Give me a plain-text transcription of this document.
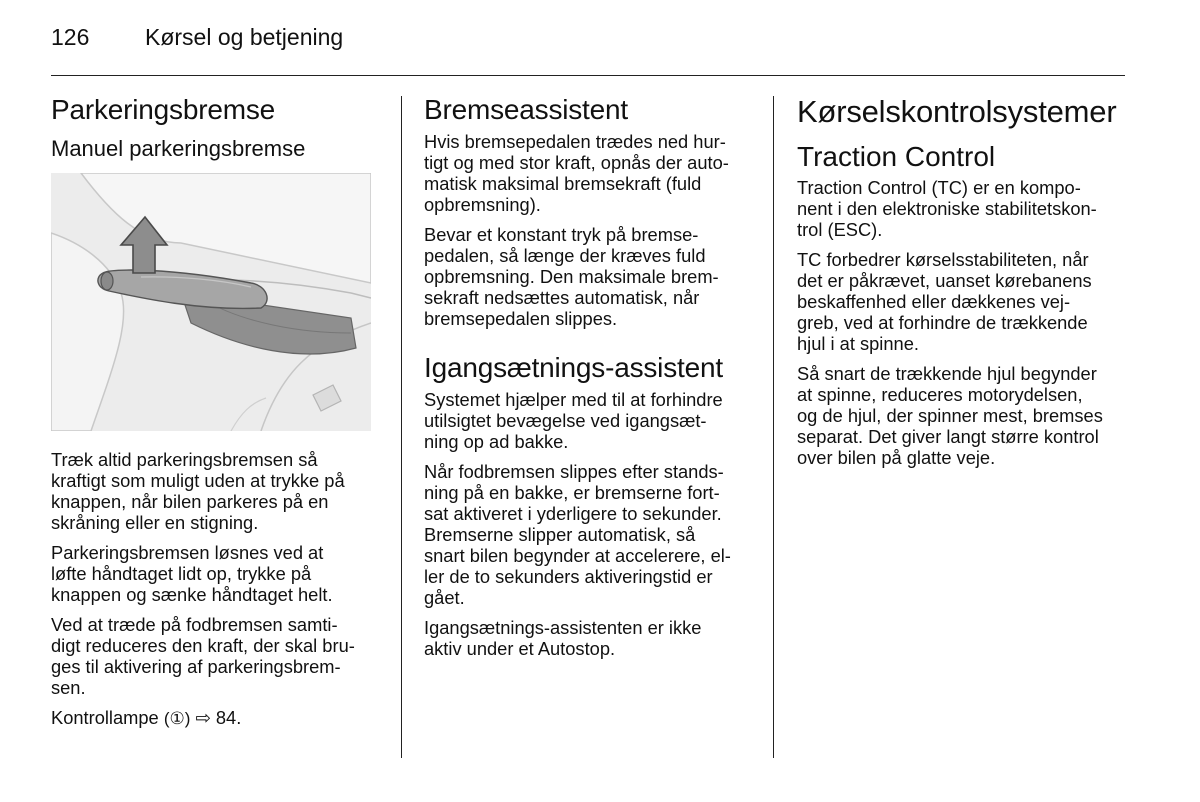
126 Kørsel og betjening
Parkeringsbremse
Manuel parkeringsbremse

Træk altid parkeringsbremsen så
kraftigt som muligt uden at trykke på
knappen, når bilen parkeres på en
skråning eller en stigning.

Parkeringsbremsen løsnes ved at
løfte håndtaget lidt op, trykke på
knappen og sænke håndtaget helt.

Ved at træde på fodbremsen samti-
digt reduceres den kraft, der skal bru-
ges til aktivering af parkeringsbrem-
sen.

Kontrollampe (①) ⇨ 84.
Bremseassistent

Hvis bremsepedalen trædes ned hur-
tigt og med stor kraft, opnås der auto-
matisk maksimal bremsekraft (fuld
opbremsning).

Bevar et konstant tryk på bremse-
pedalen, så længe der kræves fuld
opbremsning. Den maksimale brem-
sekraft nedsættes automatisk, når
bremsepedalen slippes.

Igangsætnings-assistent

Systemet hjælper med til at forhindre
utilsigtet bevægelse ved igangsæt-
ning op ad bakke.

Når fodbremsen slippes efter stands-
ning på en bakke, er bremserne fort-
sat aktiveret i yderligere to sekunder.
Bremserne slipper automatisk, så
snart bilen begynder at accelerere, el-
ler de to sekunders aktiveringstid er
gået.

Igangsætnings-assistenten er ikke
aktiv under et Autostop.

Kørselskontrolsystemer
Traction Control

Traction Control (TC) er en kompo-
nent i den elektroniske stabilitetskon-
trol (ESC).

TC forbedrer kørselsstabiliteten, når
det er påkrævet, uanset kørebanens
beskaffenhed eller dækkenes vej-
greb, ved at forhindre de trækkende
hjul i at spinne.

Så snart de trækkende hjul begynder
at spinne, reduceres motorydelsen,
og de hjul, der spinner mest, bremses
separat. Det giver langt større kontrol
over bilen på glatte veje.
